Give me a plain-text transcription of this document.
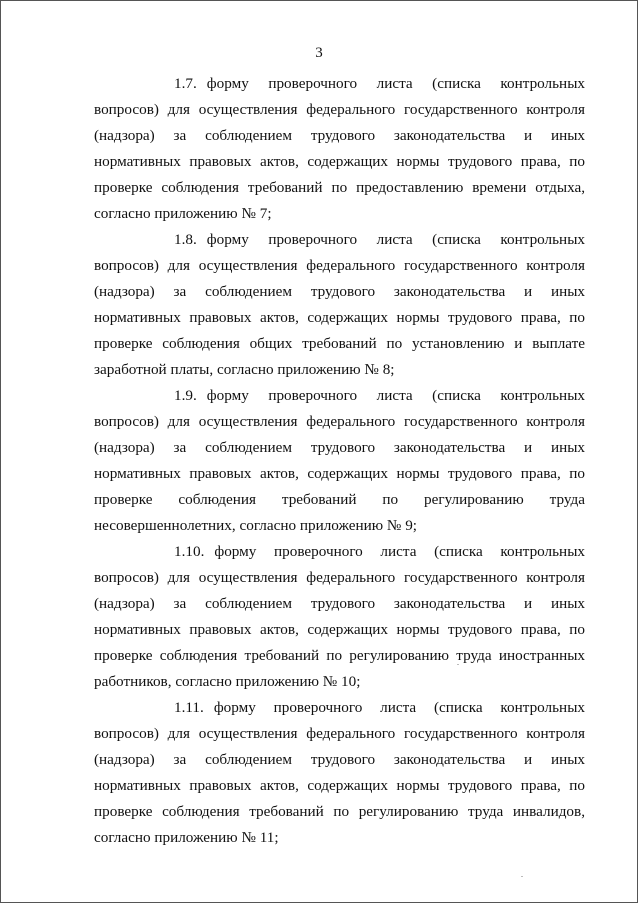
3

1.7. форму проверочного листа (списка контрольных вопросов) для осуществления федерального государственного контроля (надзора) за соблюдением трудового законодательства и иных нормативных правовых актов, содержащих нормы трудового права, по проверке соблюдения требований по предоставлению времени отдыха, согласно приложению № 7;

1.8. форму проверочного листа (списка контрольных вопросов) для осуществления федерального государственного контроля (надзора) за соблюдением трудового законодательства и иных нормативных правовых актов, содержащих нормы трудового права, по проверке соблюдения общих требований по установлению и выплате заработной платы, согласно приложению № 8;

1.9. форму проверочного листа (списка контрольных вопросов) для осуществления федерального государственного контроля (надзора) за соблюдением трудового законодательства и иных нормативных правовых актов, содержащих нормы трудового права, по проверке соблюдения требований по регулированию труда несовершеннолетних, согласно приложению № 9;

1.10. форму проверочного листа (списка контрольных вопросов) для осуществления федерального государственного контроля (надзора) за соблюдением трудового законодательства и иных нормативных правовых актов, содержащих нормы трудового права, по проверке соблюдения требований по регулированию труда иностранных работников, согласно приложению № 10;

1.11. форму проверочного листа (списка контрольных вопросов) для осуществления федерального государственного контроля (надзора) за соблюдением трудового законодательства и иных нормативных правовых актов, содержащих нормы трудового права, по проверке соблюдения требований по регулированию труда инвалидов, согласно приложению № 11;
